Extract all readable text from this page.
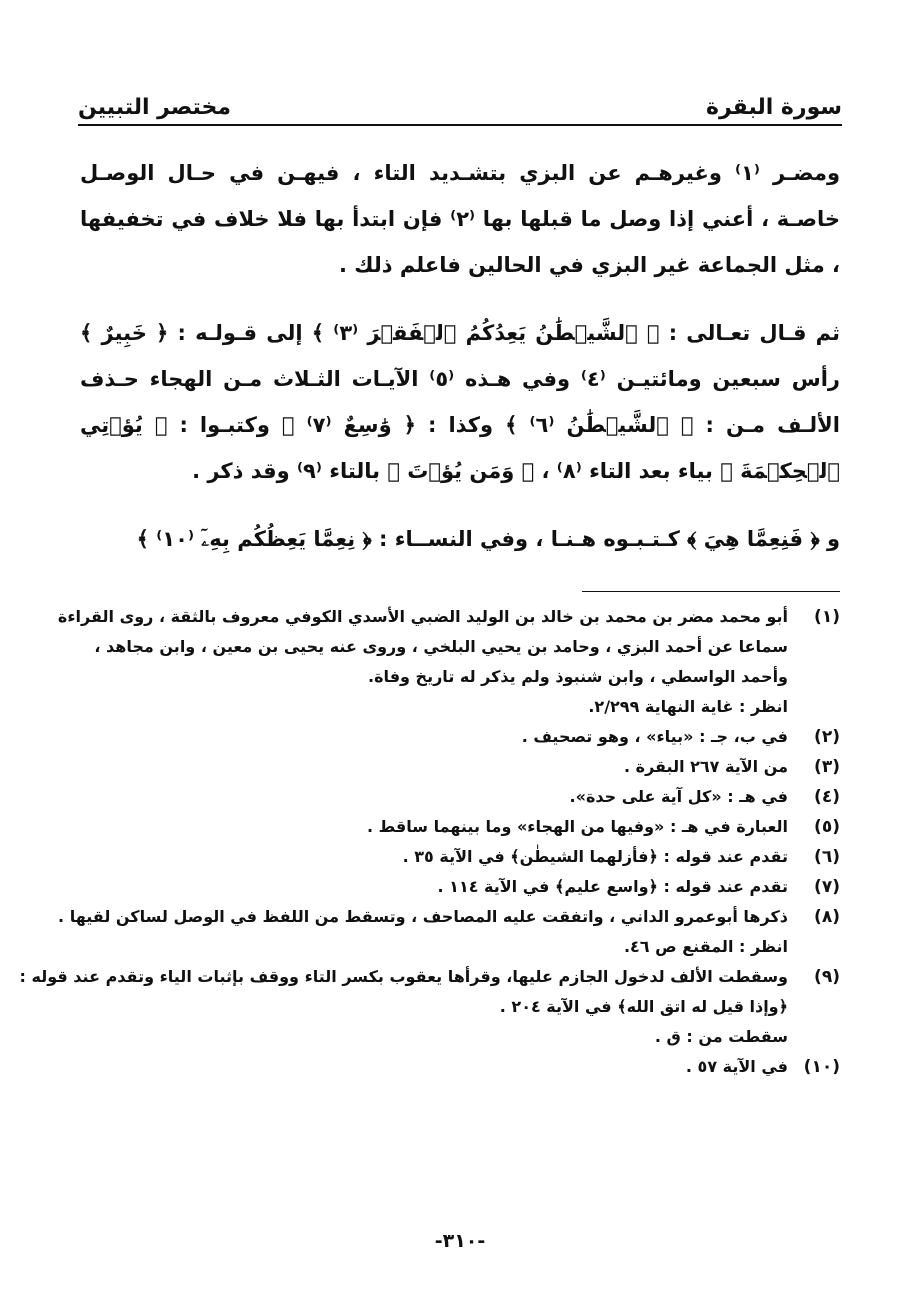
سورة البقرة
مختصر التبيين

ومضـر ⁽١⁾ وغيرهـم عن البزي بتشـديد التاء ، فيهـن في حـال الوصـل خاصـة ، أعني إذا وصل ما قبلها بها ⁽٢⁾ فإن ابتدأ بها فلا خلاف في تخفيفها ، مثل الجماعة غير البزي في الحالين فاعلم ذلك .

ثم قـال تعـالى : ﴿ ٱلشَّيۡطَٰنُ يَعِدُكُمُ ٱلۡفَقۡرَ ⁽٣⁾ ﴾ إلى قـولـه : ﴿ خَبِيرٌ ﴾ رأس سبعين ومائتيـن ⁽٤⁾ وفي هـذه ⁽٥⁾ الآيـات الثـلاث مـن الهجاء حـذف الألـف مـن : ﴿ ٱلشَّيۡطَٰنُ ⁽٦⁾ ﴾ وكذا : ﴿ وَٰسِعٌ ⁽٧⁾ ﴾ وكتبـوا : ﴿ يُؤۡتِي ٱلۡحِكۡمَةَ ﴾ بياء بعد التاء ⁽٨⁾ ، ﴿ وَمَن يُؤۡتَ ﴾ بالتاء ⁽٩⁾ وقد ذكر .

و ﴿ فَنِعِمَّا هِيَ ﴾ كـتـبـوه هـنـا ، وفي النســاء : ﴿ نِعِمَّا يَعِظُكُم بِهِۦٓ ⁽١٠⁾ ﴾

(١)
أبو محمد مضر بن محمد بن خالد بن الوليد الضبي الأسدي الكوفي معروف بالثقة ، روى القراءة
سماعا عن أحمد البزي ، وحامد بن يحيي البلخي ، وروى عنه يحيى بن معين ، وابن مجاهد ،
وأحمد الواسطي ، وابن شنبوذ ولم يذكر له تاريخ وفاة.
انظر : غاية النهاية ٢/٢٩٩.
(٢)
في ب، جـ : «بياء» ، وهو تصحيف .
(٣)
من الآية ٢٦٧ البقرة .
(٤)
في هـ : «كل آية على حدة».
(٥)
العبارة في هـ : «وفيها من الهجاء» وما بينهما ساقط .
(٦)
تقدم عند قوله : ﴿فأزلهما الشيطٰن﴾ في الآية ٣٥ .
(٧)
تقدم عند قوله : ﴿واسع عليم﴾ في الآية ١١٤ .
(٨)
ذكرها أبوعمرو الداني ، واتفقت عليه المصاحف ، وتسقط من اللفظ في الوصل لساكن لقيها .
انظر : المقنع ص ٤٦.
(٩)
وسقطت الألف لدخول الجازم عليها، وقرأها يعقوب بكسر التاء ووقف بإثبات الياء وتقدم عند قوله :
﴿وإذا قيل له اتق الله﴾ في الآية ٢٠٤ .
سقطت من : ق .
(١٠)
في الآية ٥٧ .
-٣١٠-
